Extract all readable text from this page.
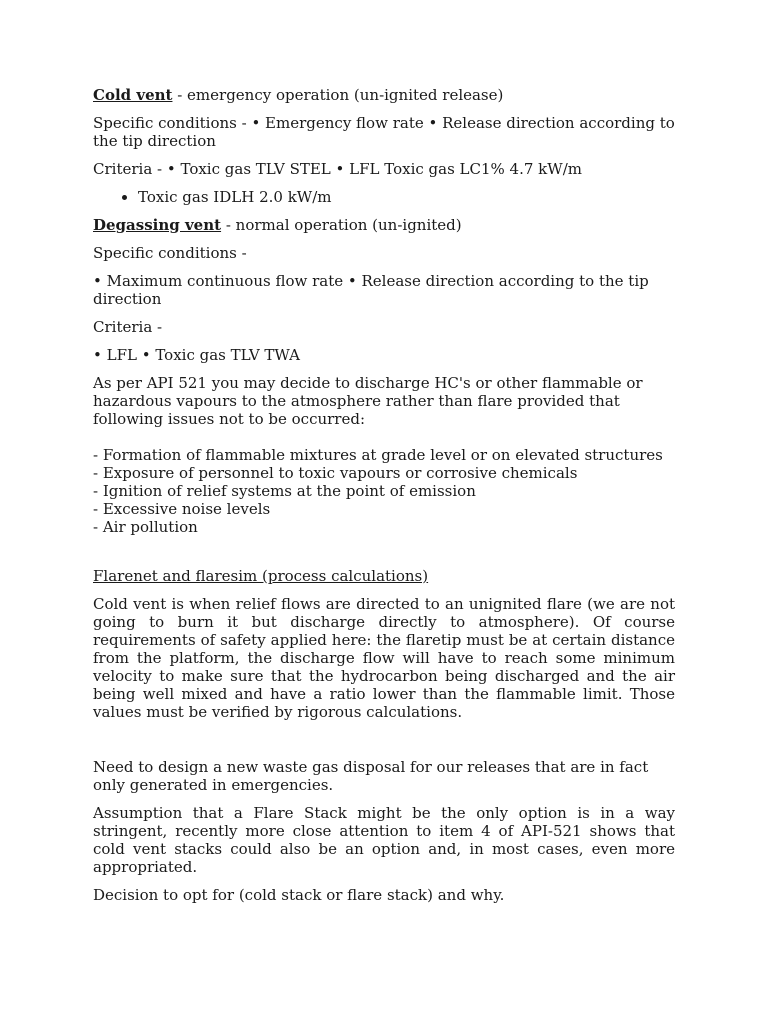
Cold vent - emergency operation (un-ignited release)

Specific conditions - • Emergency flow rate • Release direction according to the tip direction

Criteria - • Toxic gas TLV STEL • LFL Toxic gas LC1% 4.7 kW/m

• Toxic gas IDLH 2.0 kW/m

Degassing vent - normal operation (un-ignited)

Specific conditions -

• Maximum continuous flow rate • Release direction according to the tip direction

Criteria -

• LFL • Toxic gas TLV TWA

As per API 521 you may decide to discharge HC's or other flammable or hazardous vapours to the atmosphere rather than flare provided that following issues not to be occurred:

- Formation of flammable mixtures at grade level or on elevated structures

- Exposure of personnel to toxic vapours or corrosive chemicals

- Ignition of relief systems at the point of emission

- Excessive noise levels

- Air pollution

Flarenet and flaresim (process calculations)

Cold vent is when relief flows are directed to an unignited flare (we are not going to burn it but discharge directly to atmosphere). Of course requirements of safety applied here: the flaretip must be at certain distance from the platform, the discharge flow will have to reach some minimum velocity to make sure that the hydrocarbon being discharged and the air being well mixed and have a ratio lower than the flammable limit. Those values must be verified by rigorous calculations.

Need to design a new waste gas disposal for our releases that are in fact only generated in emergencies.

Assumption that a Flare Stack might be the only option is in a way stringent, recently more close attention to item 4 of API-521 shows that cold vent stacks could also be an option and, in most cases, even more appropriated.

Decision to opt for (cold stack or flare stack) and why.
